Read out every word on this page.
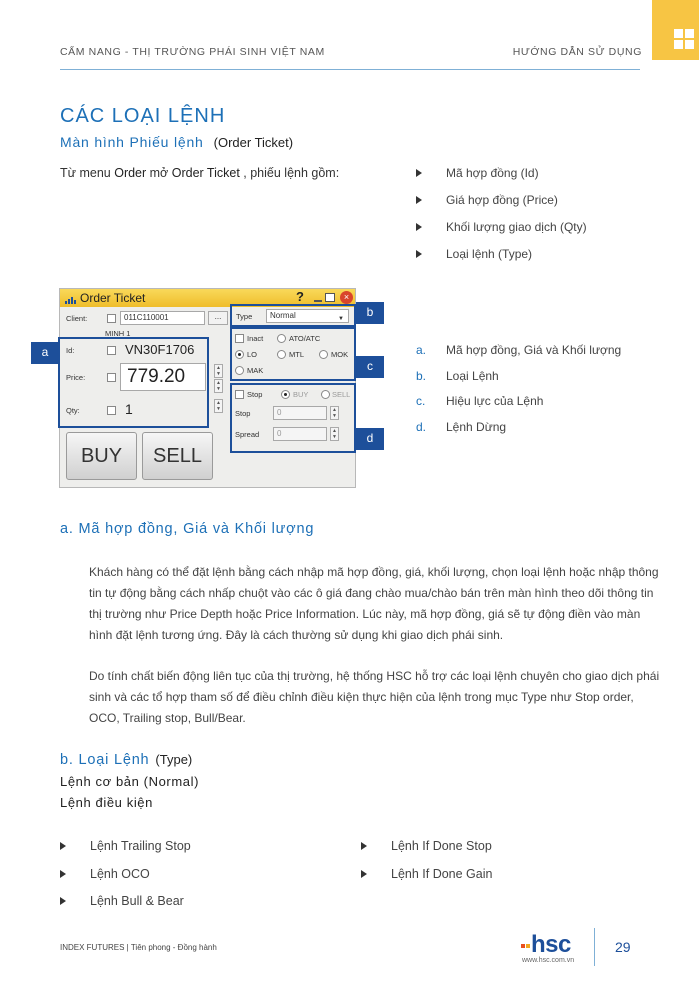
CẨM NANG - THỊ TRƯỜNG PHÁI SINH VIỆT NAM	HƯỚNG DẪN SỬ DỤNG
CÁC LOẠI LỆNH
Màn hình Phiếu lệnh (Order Ticket)
Từ menu Order mở Order Ticket , phiếu lệnh gồm:	Mã hợp đồng (Id)
Giá hợp đồng (Price)
Khối lượng giao dịch (Qty)
Loại lệnh (Type)
Order Ticket	?	×
Client:	011C110001	...
MINH 1
Type	Normal	▼
Id:	VN30F1706
Price:	779.20
Qty:	1
▲
▼
▲
▼
▲
▼
Inact	ATO/ATC
LO	MTL	MOK
MAK
Stop	BUY	SELL
Stop	0	▲
▼
Spread	0	▲
▼
BUY	SELL
a
b
c
d
a. Mã hợp đồng, Giá và Khối lượng
b. Loại Lệnh
c. Hiệu lực của Lệnh
d. Lệnh Dừng
a. Mã hợp đồng, Giá và Khối lượng

Khách hàng có thể đặt lệnh bằng cách nhập mã hợp đồng, giá, khối lượng, chọn loại lệnh hoặc nhập thông tin tự động bằng cách nhấp chuột vào các ô giá đang chào mua/chào bán trên màn hình theo dõi thông tin thị trường như Price Depth hoặc Price Information. Lúc này, mã hợp đồng, giá sẽ tự động điền vào màn hình đặt lệnh tương ứng. Đây là cách thường sử dụng khi giao dịch phái sinh.

Do tính chất biến động liên tục của thị trường, hệ thống HSC hỗ trợ các loại lệnh chuyên cho giao dịch phái sinh và các tổ hợp tham số để điều chỉnh điều kiện thực hiện của lệnh trong mục Type như Stop order, OCO, Trailing stop, Bull/Bear.

b. Loại Lệnh (Type)
Lệnh cơ bản (Normal)
Lệnh điều kiện
Lệnh Trailing Stop
Lệnh OCO
Lệnh Bull & Bear
Lệnh If Done Stop
Lệnh If Done Gain
INDEX FUTURES | Tiên phong - Đồng hành	hsc
www.hsc.com.vn
29
